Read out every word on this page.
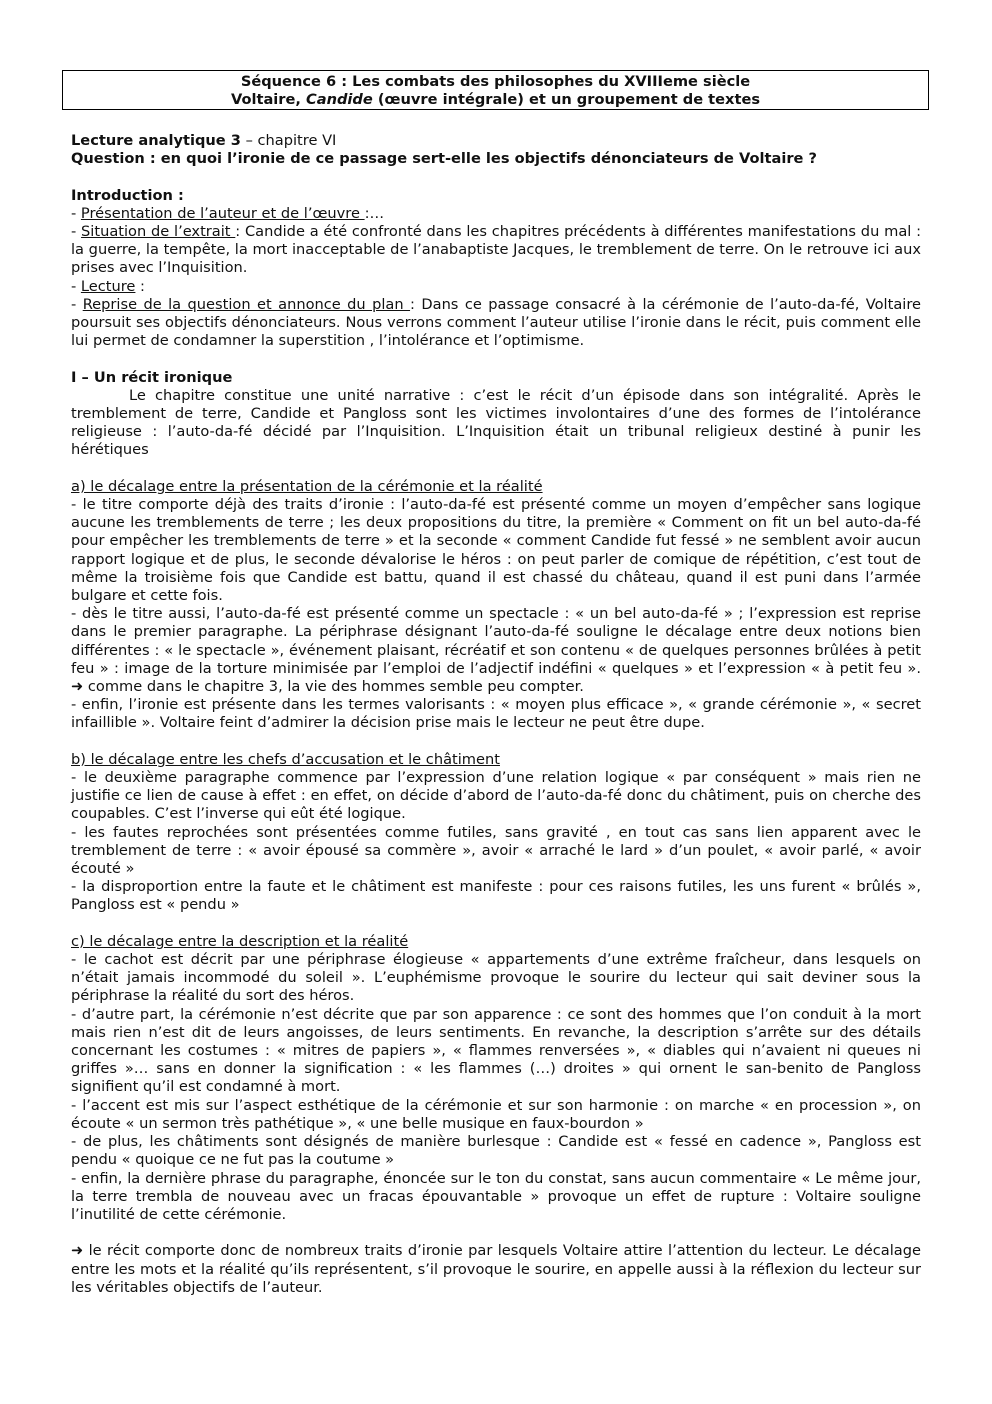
Séquence 6 : Les combats des philosophes du XVIIIeme siècle
Voltaire, Candide (œuvre intégrale) et un groupement de textes

Lecture analytique 3 – chapitre VI

Question : en quoi l’ironie de ce passage sert-elle les objectifs dénonciateurs de Voltaire ?

Introduction :

- Présentation de l’auteur et de l’œuvre :…

- Situation de l’extrait : Candide a été confronté dans les chapitres précédents à différentes manifestations du mal : la guerre, la tempête, la mort inacceptable de l’anabaptiste Jacques, le tremblement de terre. On le retrouve ici aux prises avec l’Inquisition.

- Lecture :

- Reprise de la question et annonce du plan : Dans ce passage consacré à la cérémonie de l’auto-da-fé, Voltaire poursuit ses objectifs dénonciateurs. Nous verrons comment l’auteur utilise l’ironie dans le récit, puis comment elle lui permet de condamner la superstition , l’intolérance et l’optimisme.

I – Un récit ironique

Le chapitre constitue une unité narrative : c’est le récit d’un épisode dans son intégralité. Après le tremblement de terre, Candide et Pangloss sont les victimes involontaires d’une des formes de l’intolérance religieuse : l’auto-da-fé décidé par l’Inquisition. L’Inquisition était un tribunal religieux destiné à punir les hérétiques

a) le décalage entre la présentation de la cérémonie et la réalité

- le titre comporte déjà des traits d’ironie : l’auto-da-fé est présenté comme un moyen d’empêcher sans logique aucune les tremblements de terre ; les deux propositions du titre, la première « Comment on fit un bel auto-da-fé pour empêcher les tremblements de terre » et la seconde « comment Candide fut fessé » ne semblent avoir aucun rapport logique et de plus, le seconde dévalorise le héros : on peut parler de comique de répétition, c’est tout de même la troisième fois que Candide est battu, quand il est chassé du château, quand il est puni dans l’armée bulgare et cette fois.

- dès le titre aussi, l’auto-da-fé est présenté comme un spectacle : « un bel auto-da-fé » ; l’expression est reprise dans le premier paragraphe. La périphrase désignant l’auto-da-fé souligne le décalage entre deux notions bien différentes : « le spectacle », événement plaisant, récréatif et son contenu « de quelques personnes brûlées à petit feu » : image de la torture minimisée par l’emploi de l’adjectif indéfini « quelques » et l’expression « à petit feu ». ➜ comme dans le chapitre 3, la vie des hommes semble peu compter.

- enfin, l’ironie est présente dans les termes valorisants : « moyen plus efficace », « grande cérémonie », « secret infaillible ». Voltaire feint d’admirer la décision prise mais le lecteur ne peut être dupe.

b) le décalage entre les chefs d’accusation et le châtiment

- le deuxième paragraphe commence par l’expression d’une relation logique « par conséquent » mais rien ne justifie ce lien de cause à effet : en effet, on décide d’abord de l’auto-da-fé donc du châtiment, puis on cherche des coupables. C’est l’inverse qui eût été logique.

- les fautes reprochées sont présentées comme futiles, sans gravité , en tout cas sans lien apparent avec le tremblement de terre : « avoir épousé sa commère », avoir « arraché le lard » d’un poulet, « avoir parlé, « avoir écouté »

- la disproportion entre la faute et le châtiment est manifeste : pour ces raisons futiles, les uns furent « brûlés », Pangloss est « pendu »

c) le décalage entre la description et la réalité

- le cachot est décrit par une périphrase élogieuse « appartements d’une extrême fraîcheur, dans lesquels on n’était jamais incommodé du soleil ». L’euphémisme provoque le sourire du lecteur qui sait deviner sous la périphrase la réalité du sort des héros.

- d’autre part, la cérémonie n’est décrite que par son apparence : ce sont des hommes que l’on conduit à la mort mais rien n’est dit de leurs angoisses, de leurs sentiments. En revanche, la description s’arrête sur des détails concernant les costumes : « mitres de papiers », « flammes renversées », « diables qui n’avaient ni queues ni griffes »… sans en donner la signification : « les flammes (…) droites » qui ornent le san-benito de Pangloss signifient qu’il est condamné à mort.

- l’accent est mis sur l’aspect esthétique de la cérémonie et sur son harmonie : on marche « en procession », on écoute « un sermon très pathétique », « une belle musique en faux-bourdon »

- de plus, les châtiments sont désignés de manière burlesque : Candide est « fessé en cadence », Pangloss est pendu « quoique ce ne fut pas la coutume »

- enfin, la dernière phrase du paragraphe, énoncée sur le ton du constat, sans aucun commentaire « Le même jour, la terre trembla de nouveau avec un fracas épouvantable » provoque un effet de rupture : Voltaire souligne l’inutilité de cette cérémonie.

➜ le récit comporte donc de nombreux traits d’ironie par lesquels Voltaire attire l’attention du lecteur. Le décalage entre les mots et la réalité qu’ils représentent, s’il provoque le sourire, en appelle aussi à la réflexion du lecteur sur les véritables objectifs de l’auteur.
